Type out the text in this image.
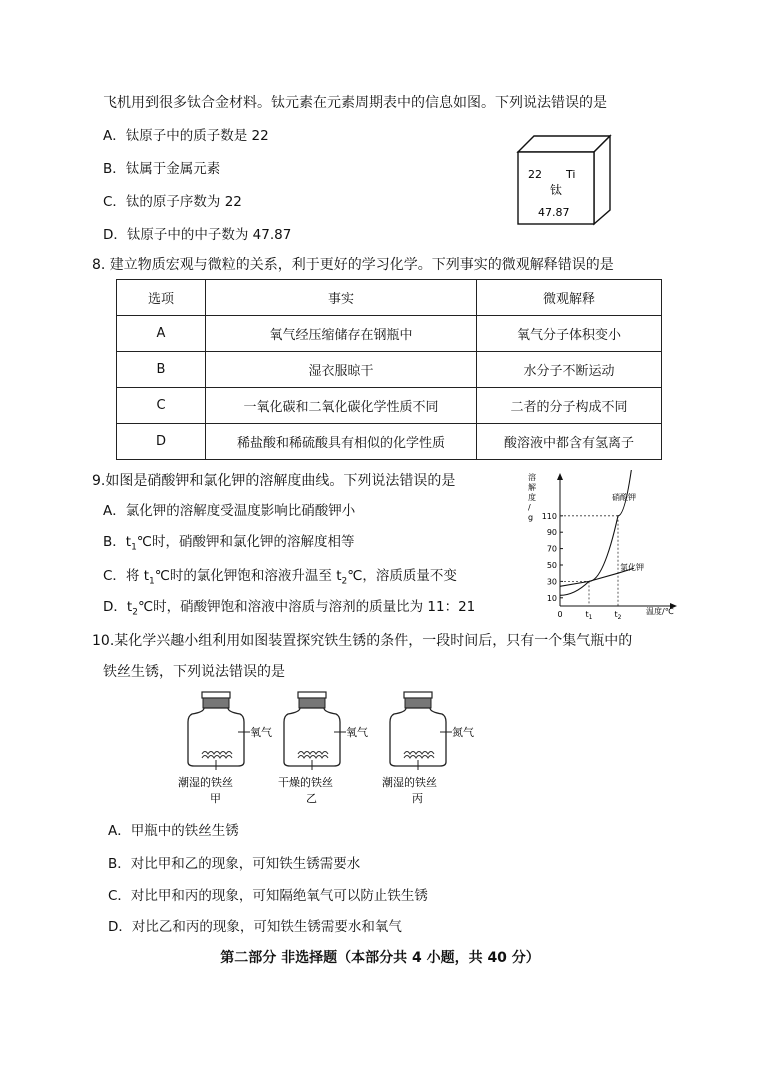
飞机用到很多钛合金材料。钛元素在元素周期表中的信息如图。下列说法错误的是
A．钛原子中的质子数是 22
B．钛属于金属元素
C．钛的原子序数为 22
D．钛原子中的中子数为 47.87
22 Ti
钛
47.87
8. 建立物质宏观与微粒的关系，利于更好的学习化学。下列事实的微观解释错误的是
选项	事实	微观解释
A	氧气经压缩储存在钢瓶中	氧气分子体积变小
B	湿衣服晾干	水分子不断运动
C	一氧化碳和二氧化碳化学性质不同	二者的分子构成不同
D	稀盐酸和稀硫酸具有相似的化学性质	酸溶液中都含有氢离子
9.如图是硝酸钾和氯化钾的溶解度曲线。下列说法错误的是
A．氯化钾的溶解度受温度影响比硝酸钾小
B．$t_1℃$时，硝酸钾和氯化钾的溶解度相等
C．将 $t_1℃$时的氯化钾饱和溶液升温至 $t_2℃$，溶质质量不变
D．$t_2℃$时，硝酸钾饱和溶液中溶质与溶剂的质量比为 11：21
10
30
50
70
90
110
0	$t_1$	$t_2$
硝酸钾
氯化钾
溶解度/ g
温度/℃
10.某化学兴趣小组利用如图装置探究铁生锈的条件，一段时间后，只有一个集气瓶中的
铁丝生锈，下列说法错误的是
氧气
潮湿的铁丝
甲
氧气
干燥的铁丝
乙
氮气
潮湿的铁丝
丙
A．甲瓶中的铁丝生锈
B．对比甲和乙的现象，可知铁生锈需要水
C．对比甲和丙的现象，可知隔绝氧气可以防止铁生锈
D．对比乙和丙的现象，可知铁生锈需要水和氧气
第二部分 非选择题（本部分共 4 小题，共 40 分）
